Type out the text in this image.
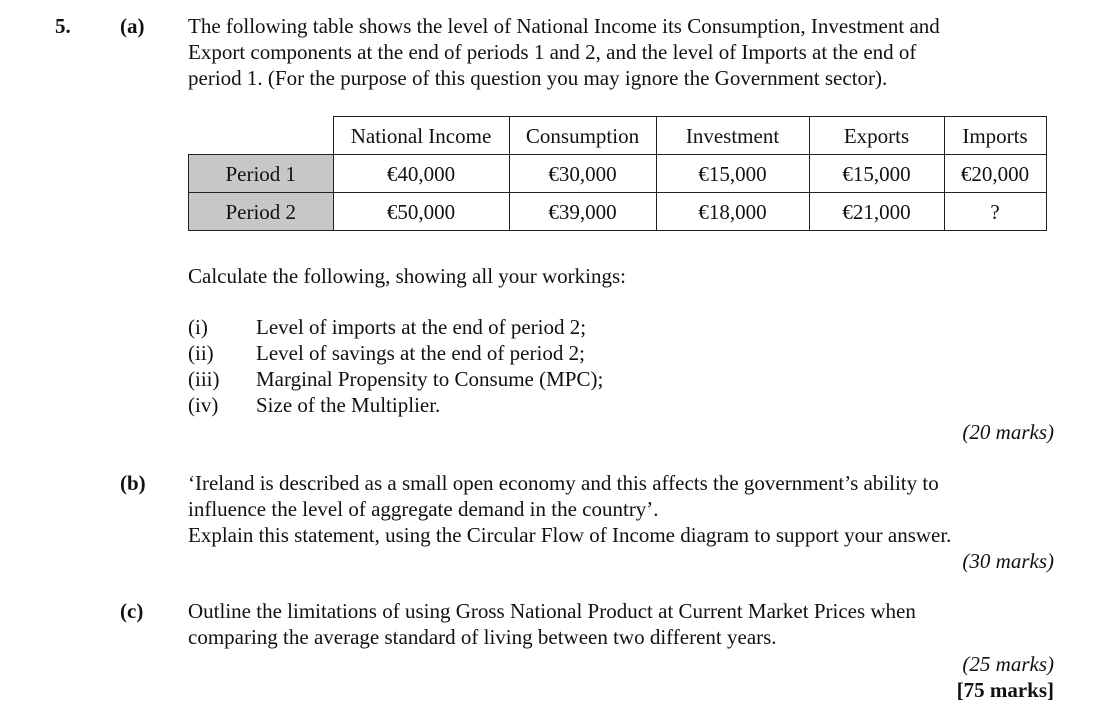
5. (a) The following table shows the level of National Income its Consumption, Investment and
Export components at the end of periods 1 and 2, and the level of Imports at the end of
period 1. (For the purpose of this question you may ignore the Government sector).
	National Income	Consumption	Investment	Exports	Imports
Period 1	€40,000	€30,000	€15,000	€15,000	€20,000
Period 2	€50,000	€39,000	€18,000	€21,000	?
Calculate the following, showing all your workings:
(i) Level of imports at the end of period 2;
(ii) Level of savings at the end of period 2;
(iii) Marginal Propensity to Consume (MPC);
(iv) Size of the Multiplier.
(20 marks)
(b) ‘Ireland is described as a small open economy and this affects the government’s ability to
influence the level of aggregate demand in the country’.
Explain this statement, using the Circular Flow of Income diagram to support your answer.
(30 marks)
(c) Outline the limitations of using Gross National Product at Current Market Prices when
comparing the average standard of living between two different years.
(25 marks)
[75 marks]
